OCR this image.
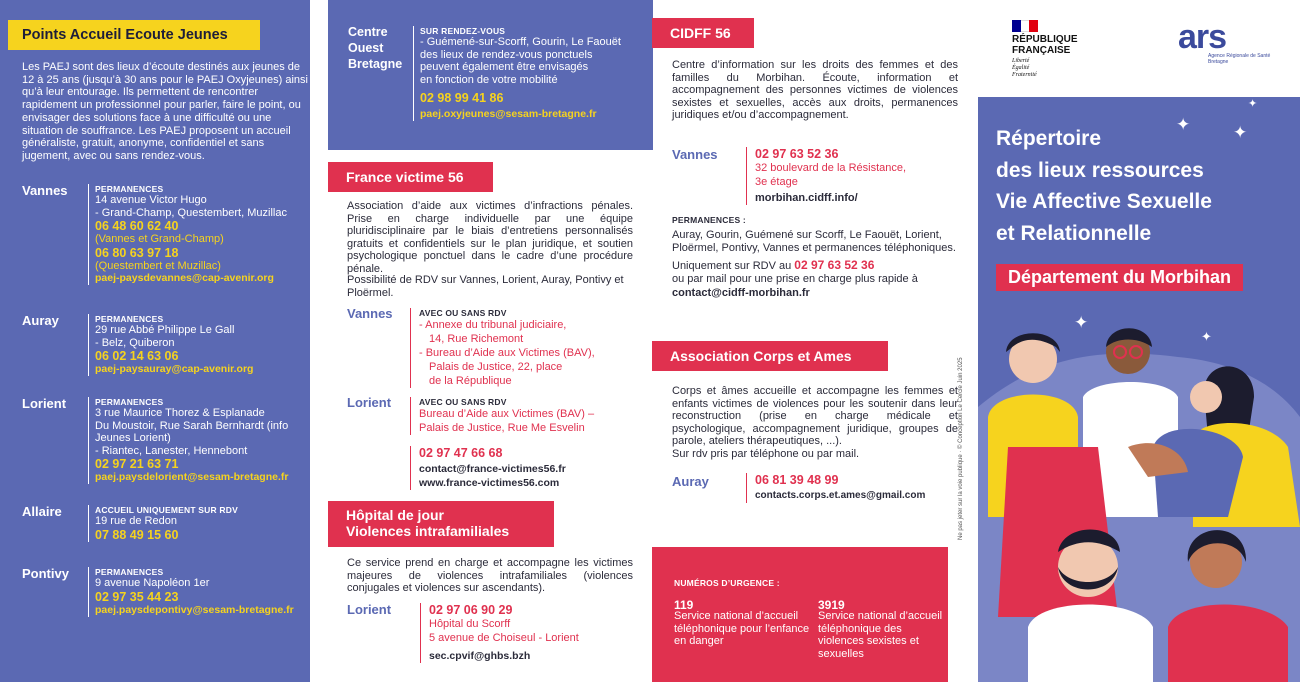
Points Accueil Ecoute Jeunes
Les PAEJ sont des lieux d’écoute destinés aux jeunes de 12 à 25 ans (jusqu’à 30 ans pour le PAEJ Oxyjeunes) ainsi qu’à leur entourage. Ils permettent de rencontrer rapidement un professionnel pour parler, faire le point, ou envisager des solutions face à une difficulté ou une situation de souffrance. Les PAEJ proposent un accueil généraliste, gratuit, anonyme, confidentiel et sans jugement, avec ou sans rendez-vous.
Vannes	PERMANENCES
14 avenue Victor Hugo
- Grand-Champ, Questembert, Muzillac
06 48 60 62 40
(Vannes et Grand-Champ)
06 80 63 97 18
(Questembert et Muzillac)
paej-paysdevannes@cap-avenir.org
Auray	PERMANENCES
29 rue Abbé Philippe Le Gall
- Belz, Quiberon
06 02 14 63 06
paej-paysauray@cap-avenir.org
Lorient	PERMANENCES
3 rue Maurice Thorez & Esplanade
Du Moustoir, Rue Sarah Bernhardt (info
Jeunes Lorient)
- Riantec, Lanester, Hennebont
02 97 21 63 71
paej.paysdelorient@sesam-bretagne.fr
Allaire	ACCUEIL UNIQUEMENT SUR RDV
19 rue de Redon
07 88 49 15 60
Pontivy	PERMANENCES
9 avenue Napoléon 1er
02 97 35 44 23
paej.paysdepontivy@sesam-bretagne.fr
Centre
Ouest
Bretagne
SUR RENDEZ-VOUS
- Guémené-sur-Scorff, Gourin, Le Faouët
des lieux de rendez-vous ponctuels
peuvent également être envisagés
en fonction de votre mobilité
02 98 99 41 86
paej.oxyjeunes@sesam-bretagne.fr
France victime 56
Association d’aide aux victimes d’infractions pénales. Prise en charge individuelle par une équipe pluridisciplinaire par le biais d’entretiens personnalisés gratuits et confidentiels sur le plan juridique, et soutien psychologique ponctuel dans le cadre d’une procédure pénale.
Possibilité de RDV sur Vannes, Lorient, Auray, Pontivy et Ploërmel.
Vannes	AVEC OU SANS RDV
- Annexe du tribunal judiciaire,
14, Rue Richemont
- Bureau d’Aide aux Victimes (BAV),
Palais de Justice, 22, place
de la République
Lorient	AVEC OU SANS RDV
Bureau d’Aide aux Victimes (BAV) –
Palais de Justice, Rue Me Esvelin
02 97 47 66 68
contact@france-victimes56.fr
www.france-victimes56.com
Hôpital de jour
Violences intrafamiliales
Ce service prend en charge et accompagne les victimes majeures de violences intrafamiliales (violences conjugales et violences sur ascendants).
Lorient	02 97 06 90 29
Hôpital du Scorff
5 avenue de Choiseul - Lorient
sec.cpvif@ghbs.bzh
CIDFF 56
Centre d’information sur les droits des femmes et des familles du Morbihan. Écoute, information et accompagnement des personnes victimes de violences sexistes et sexuelles, accès aux droits, permanences juridiques et/ou d’accompagnement.
Vannes	02 97 63 52 36
32 boulevard de la Résistance,
3e étage
morbihan.cidff.info/
PERMANENCES :
Auray, Gourin, Guémené sur Scorff, Le Faouët, Lorient, Ploërmel, Pontivy, Vannes et permanences téléphoniques.
Uniquement sur RDV au 02 97 63 52 36
ou par mail pour une prise en charge plus rapide à
contact@cidff-morbihan.fr
Association Corps et Ames
Corps et âmes accueille et accompagne les femmes et enfants victimes de violences pour les soutenir dans leur reconstruction (prise en charge médicale et psychologique, accompagnement juridique, groupes de parole, ateliers thérapeutiques, ...).
Sur rdv pris par téléphone ou par mail.
Auray	06 81 39 48 99
contacts.corps.et.ames@gmail.com
NUMÉROS D’URGENCE :
119
Service national d’accueil téléphonique pour l’enfance en danger
3919
Service national d’accueil téléphonique des violences sexistes et sexuelles
Ne pas jeter sur la voie publique · © Conception Le Cercle Juin 2025
RÉPUBLIQUE
FRANÇAISE
Liberté
Égalité
Fraternité
ars
Agence Régionale de Santé
Bretagne
Répertoire
des lieux ressources
Vie Affective Sexuelle
et Relationnelle
Département du Morbihan
✦	✦
✦
✦
✦
